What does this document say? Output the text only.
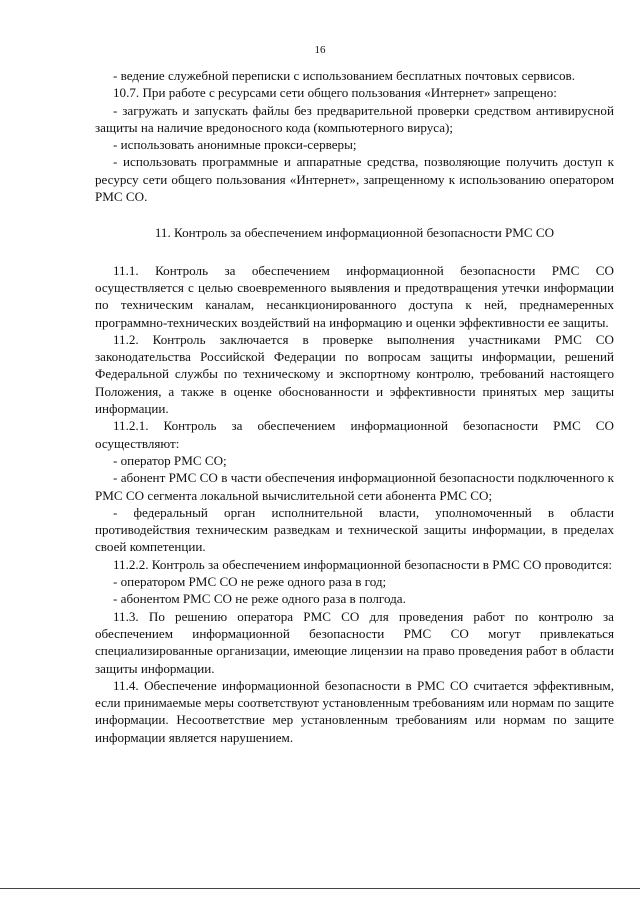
16

- ведение служебной переписки с использованием бесплатных почтовых сервисов.

10.7. При работе с ресурсами сети общего пользования «Интернет» запрещено:

- загружать и запускать файлы без предварительной проверки средством антивирусной защиты на наличие вредоносного кода (компьютерного вируса);

- использовать анонимные прокси-серверы;

- использовать программные и аппаратные средства, позволяющие получить доступ к ресурсу сети общего пользования «Интернет», запрещенному к использованию оператором РМС СО.

11. Контроль за обеспечением информационной безопасности РМС СО

11.1. Контроль за обеспечением информационной безопасности РМС СО осуществляется с целью своевременного выявления и предотвращения утечки информации по техническим каналам, несанкционированного доступа к ней, преднамеренных программно-технических воздействий на информацию и оценки эффективности ее защиты.

11.2. Контроль заключается в проверке выполнения участниками РМС СО законодательства Российской Федерации по вопросам защиты информации, решений Федеральной службы по техническому и экспортному контролю, требований настоящего Положения, а также в оценке обоснованности и эффективности принятых мер защиты информации.

11.2.1. Контроль за обеспечением информационной безопасности РМС СО осуществляют:

- оператор РМС СО;

- абонент РМС СО в части обеспечения информационной безопасности подключенного к РМС СО сегмента локальной вычислительной сети абонента РМС СО;

- федеральный орган исполнительной власти, уполномоченный в области противодействия техническим разведкам и технической защиты информации, в пределах своей компетенции.

11.2.2. Контроль за обеспечением информационной безопасности в РМС СО проводится:

- оператором РМС СО не реже одного раза в год;

- абонентом РМС СО не реже одного раза в полгода.

11.3. По решению оператора РМС СО для проведения работ по контролю за обеспечением информационной безопасности РМС СО могут привлекаться специализированные организации, имеющие лицензии на право проведения работ в области защиты информации.

11.4. Обеспечение информационной безопасности в РМС СО считается эффективным, если принимаемые меры соответствуют установленным требованиям или нормам по защите информации. Несоответствие мер установленным требованиям или нормам по защите информации является нарушением.
